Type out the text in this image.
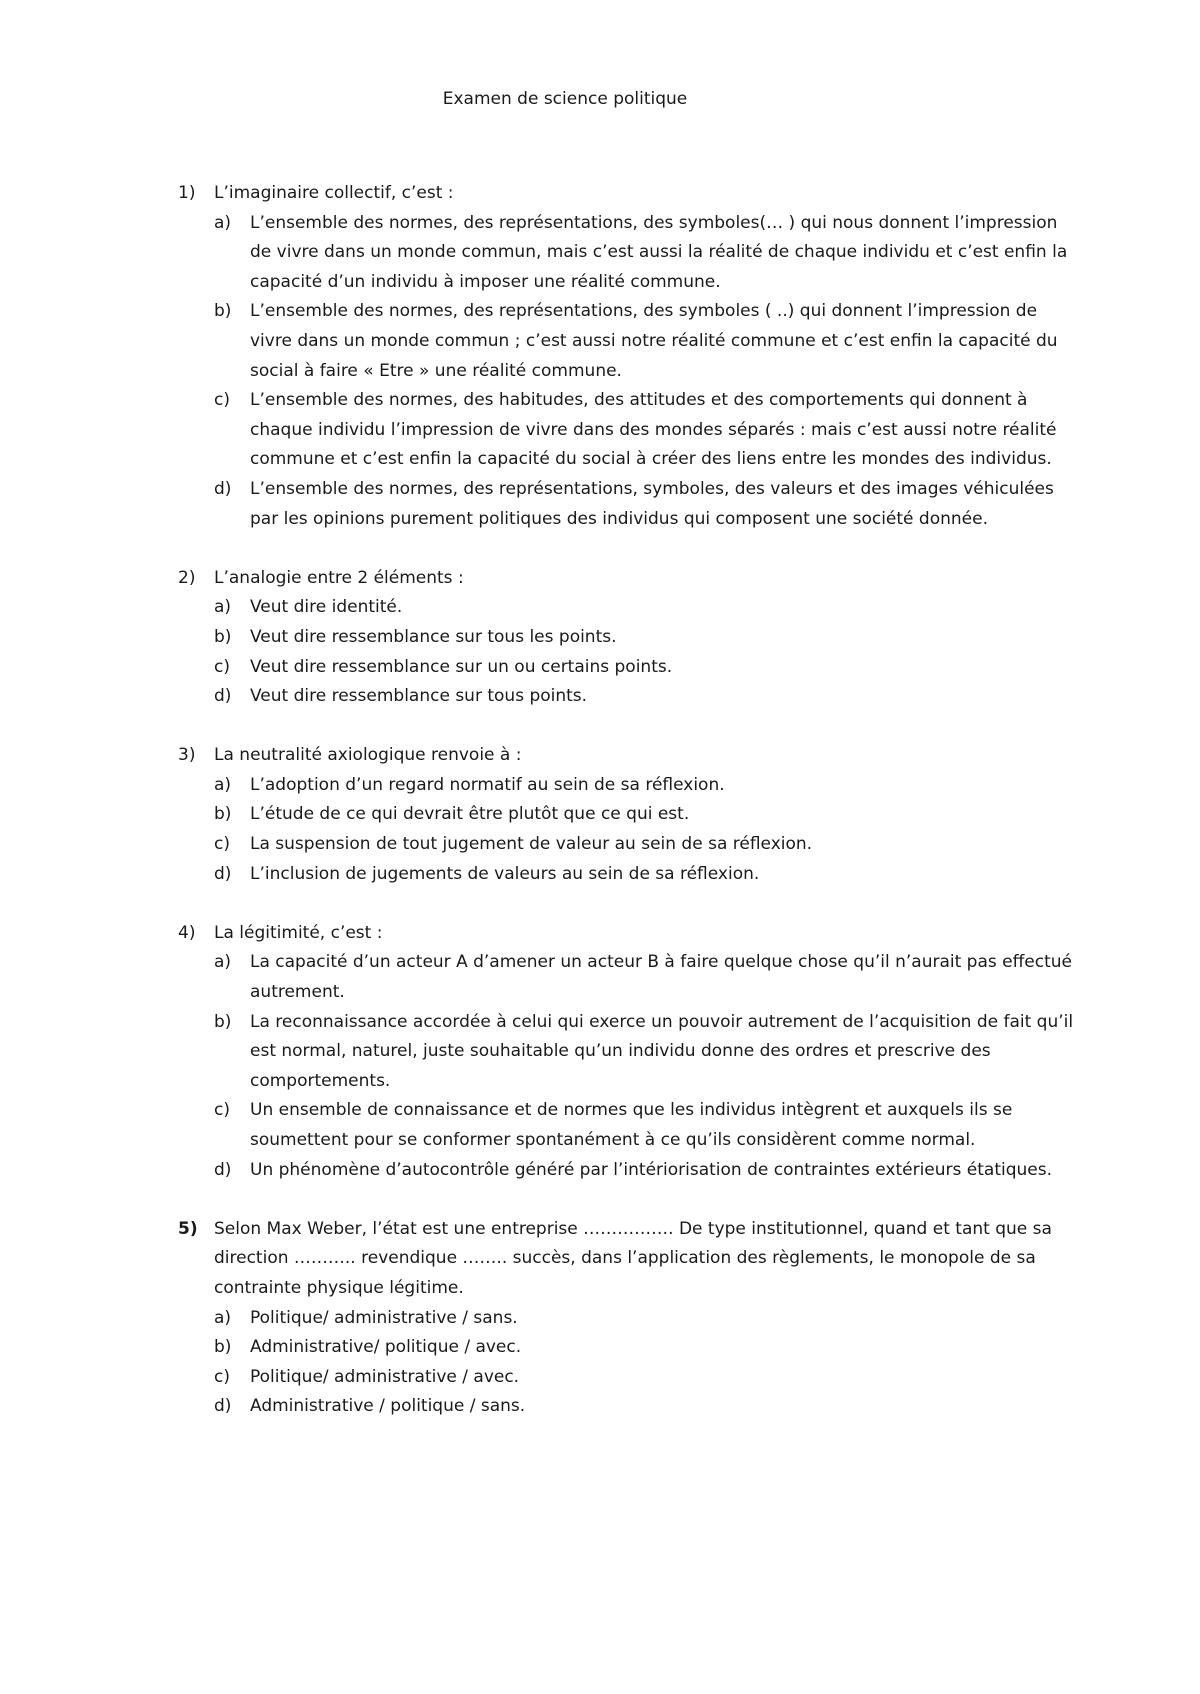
Examen de science politique
1) L’imaginaire collectif, c’est :
a) L’ensemble des normes, des représentations, des symboles(… ) qui nous donnent l’impression de vivre dans un monde commun, mais c’est aussi la réalité de chaque individu et c’est enfin la capacité d’un individu à imposer une réalité commune.
b) L’ensemble des normes, des représentations, des symboles ( ..) qui donnent l’impression de vivre dans un monde commun ; c’est aussi notre réalité commune et c’est enfin la capacité du social à faire « Etre » une réalité commune.
c) L’ensemble des normes, des habitudes, des attitudes et des comportements qui donnent à chaque individu l’impression de vivre dans des mondes séparés : mais c’est aussi notre réalité commune et c’est enfin la capacité du social à créer des liens entre les mondes des individus.
d) L’ensemble des normes, des représentations, symboles, des valeurs et des images véhiculées par les opinions purement politiques des individus qui composent une société donnée.
2) L’analogie entre 2 éléments :
a) Veut dire identité.
b) Veut dire ressemblance sur tous les points.
c) Veut dire ressemblance sur un ou certains points.
d) Veut dire ressemblance sur tous points.
3) La neutralité axiologique renvoie à :
a) L’adoption d’un regard normatif au sein de sa réflexion.
b) L’étude de ce qui devrait être plutôt que ce qui est.
c) La suspension de tout jugement de valeur au sein de sa réflexion.
d) L’inclusion de jugements de valeurs au sein de sa réflexion.
4) La légitimité, c’est :
a) La capacité d’un acteur A d’amener un acteur B à faire quelque chose qu’il n’aurait pas effectué autrement.
b) La reconnaissance accordée à celui qui exerce un pouvoir autrement de l’acquisition de fait qu’il est normal, naturel, juste souhaitable qu’un individu donne des ordres et prescrive des comportements.
c) Un ensemble de connaissance et de normes que les individus intègrent et auxquels ils se soumettent pour se conformer spontanément à ce qu’ils considèrent comme normal.
d) Un phénomène d’autocontrôle généré par l’intériorisation de contraintes extérieurs étatiques.
5) Selon Max Weber, l’état est une entreprise ……………. De type institutionnel, quand et tant que sa direction ……….. revendique …….. succès, dans l’application des règlements, le monopole de sa contrainte physique légitime.
a) Politique/ administrative / sans.
b) Administrative/ politique / avec.
c) Politique/ administrative / avec.
d) Administrative / politique / sans.
